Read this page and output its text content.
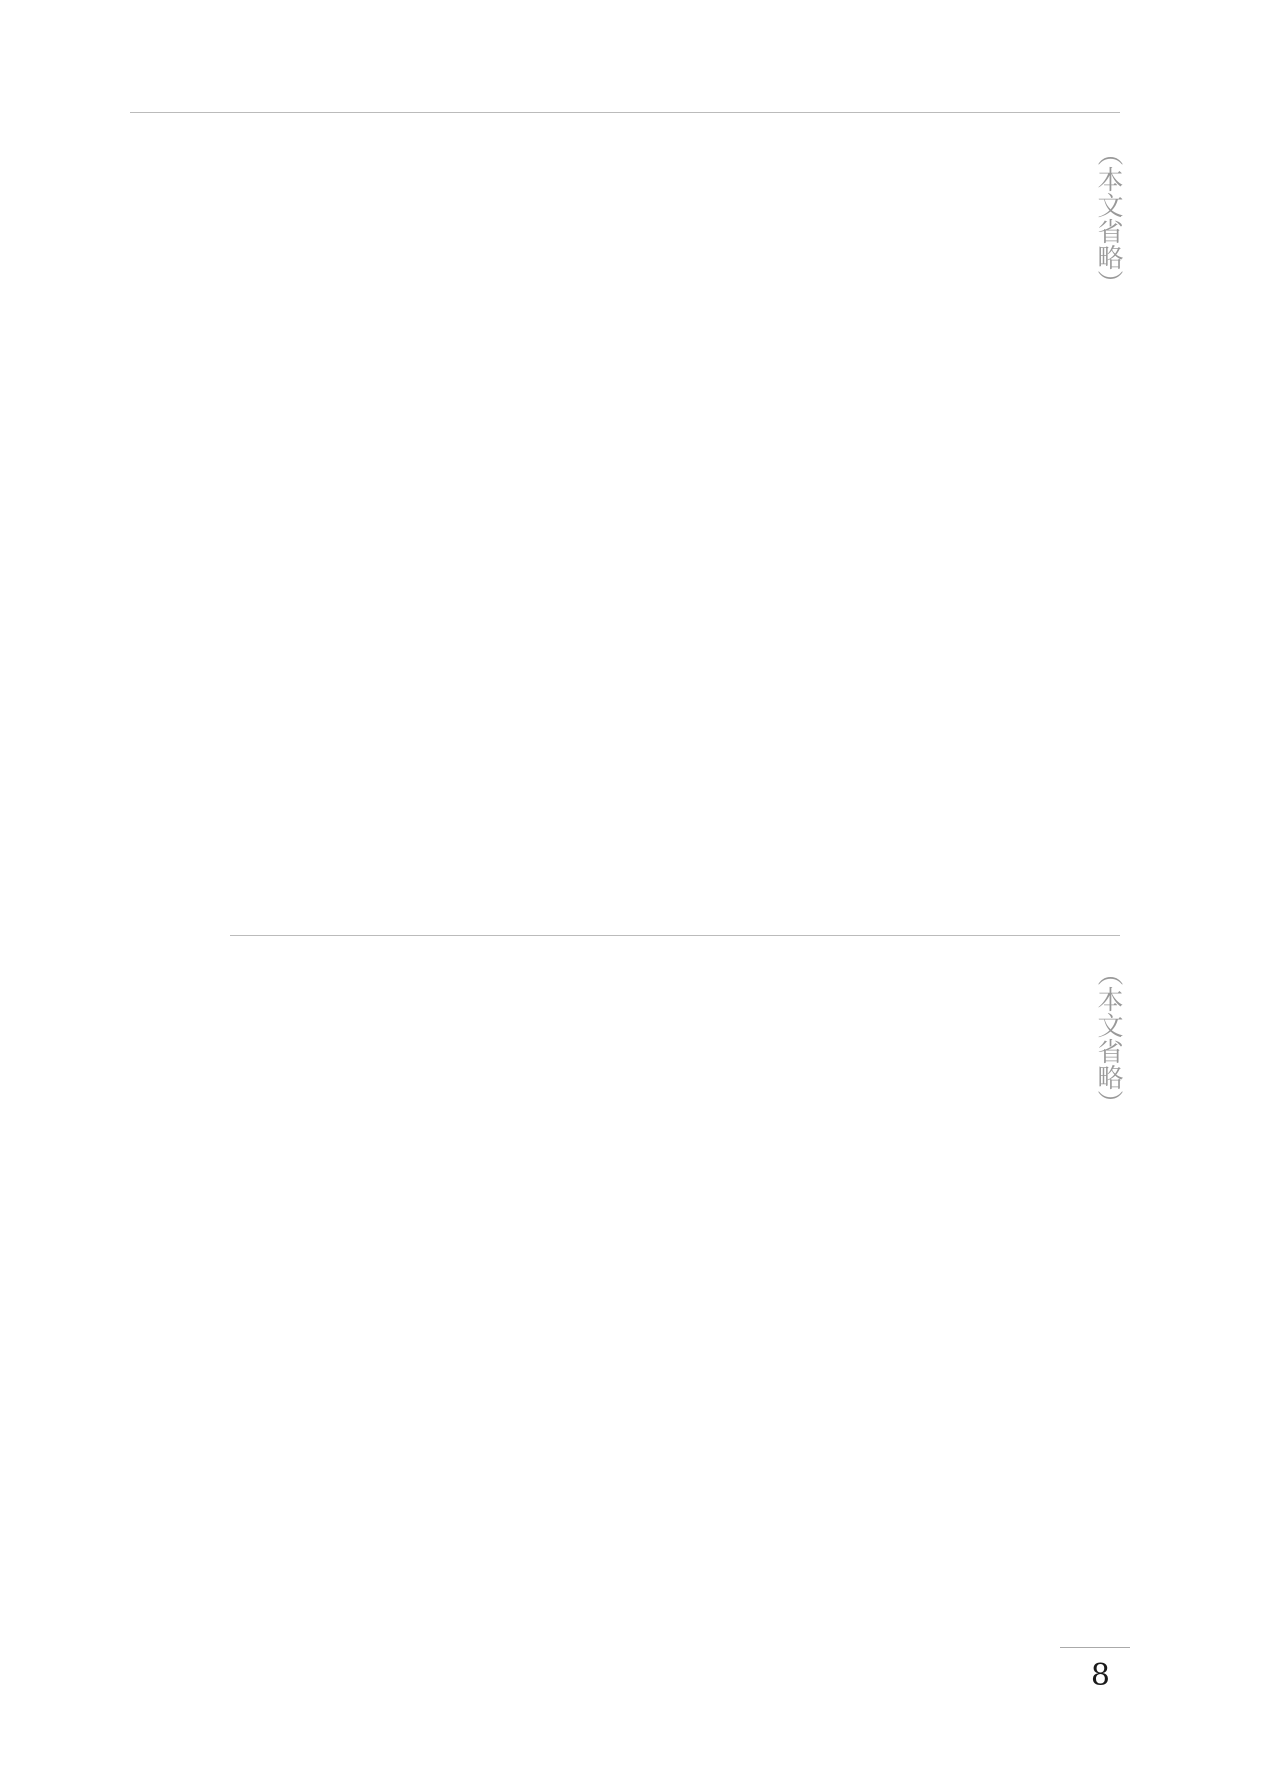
（本文省略）
（本文省略）
8
